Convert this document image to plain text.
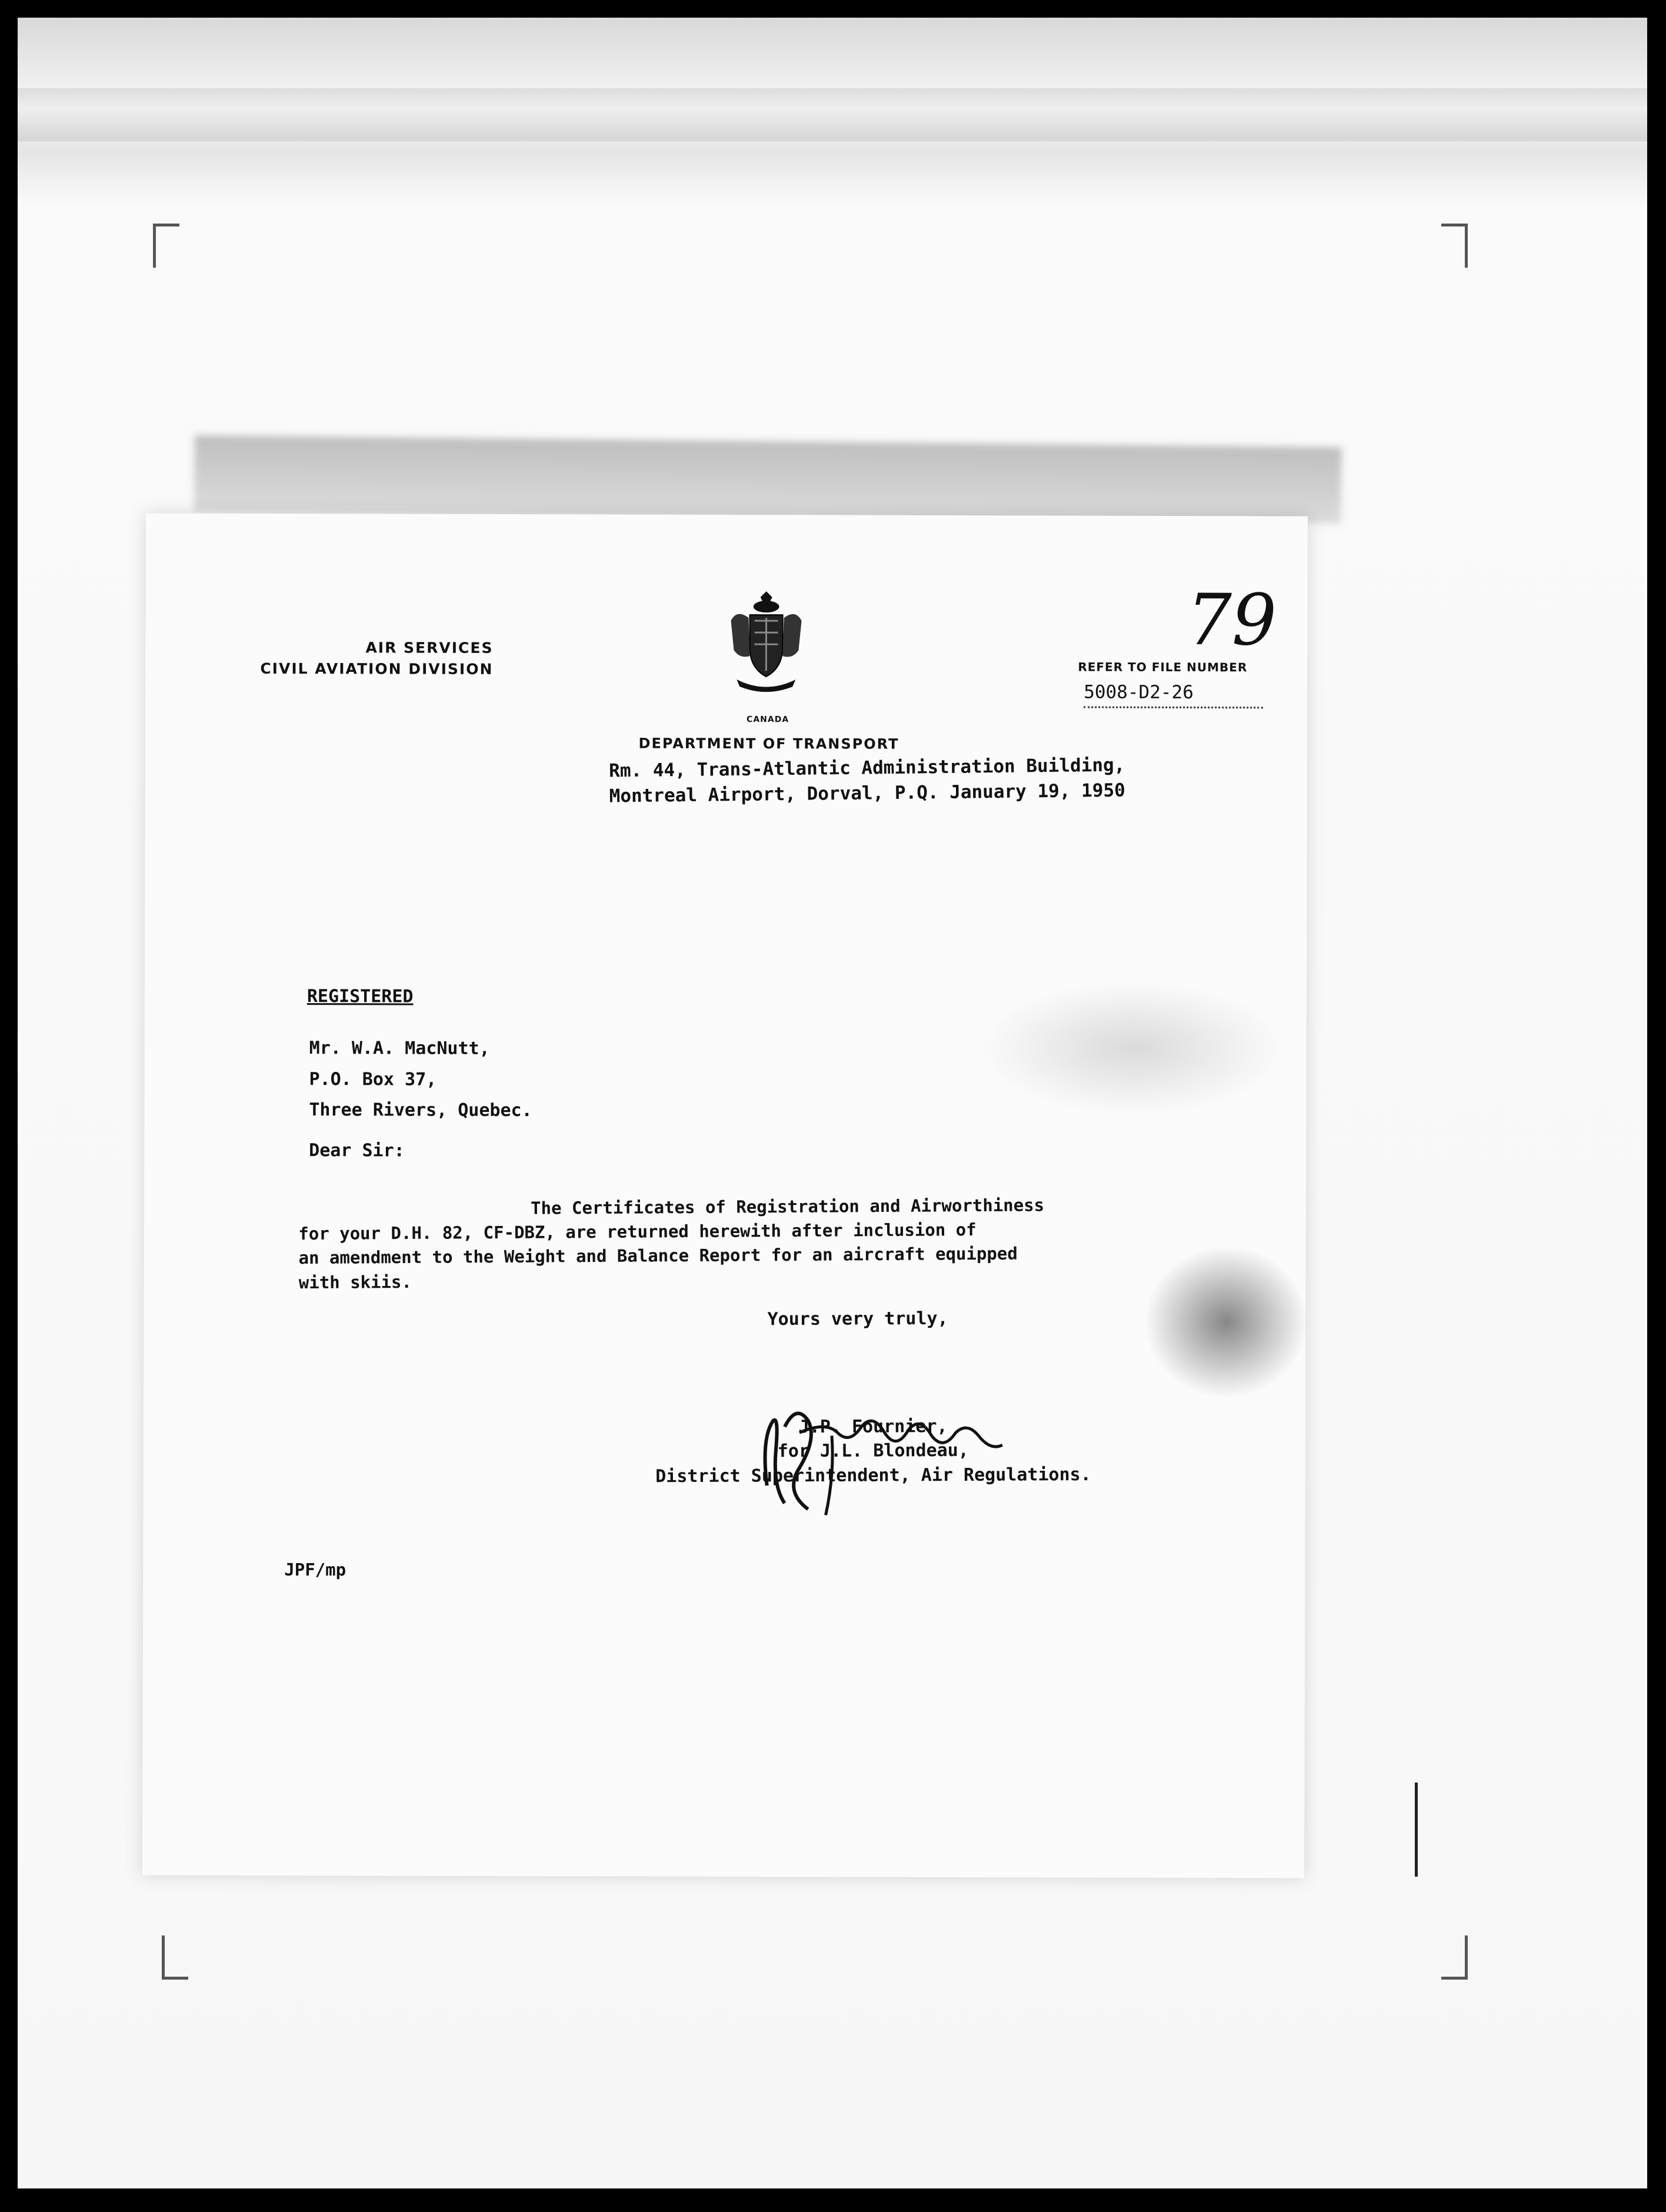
AIR SERVICES
CIVIL AVIATION DIVISION
CANADA
DEPARTMENT OF TRANSPORT
79
REFER TO FILE NUMBER
5008-D2-26
Rm. 44, Trans-Atlantic Administration Building,
Montreal Airport, Dorval, P.Q. January 19, 1950
REGISTERED
Mr. W.A. MacNutt,
P.O. Box 37,
Three Rivers, Quebec.
Dear Sir:
The Certificates of Registration and Airworthiness
for your D.H. 82, CF-DBZ, are returned herewith after inclusion of
an amendment to the Weight and Balance Report for an aircraft equipped
with skiis.
Yours very truly,
J.P. Fournier,
for J.L. Blondeau,
District Superintendent, Air Regulations.
JPF/mp
